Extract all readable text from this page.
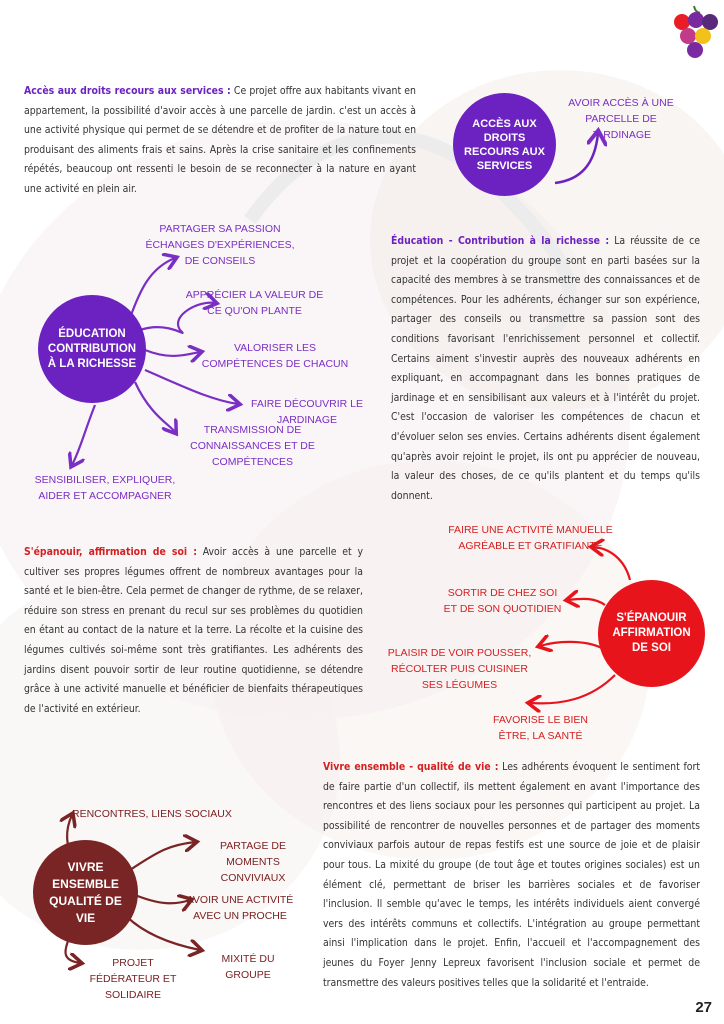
Accès aux droits recours aux services : Ce projet offre aux habitants vivant en appartement, la possibilité d'avoir accès à une parcelle de jardin. c'est un accès à une activité physique qui permet de se détendre et de profiter de la nature tout en produisant des aliments frais et sains. Après la crise sanitaire et les confinements répétés, beaucoup ont ressenti le besoin de se reconnecter à la nature en ayant une activité en plein air.
Éducation - Contribution à la richesse : La réussite de ce projet et la coopération du groupe sont en parti basées sur la capacité des membres à se transmettre des connaissances et de compétences. Pour les adhérents, échanger sur son expérience, partager des conseils ou transmettre sa passion sont des conditions favorisant l'enrichissement personnel et collectif. Certains aiment s'investir auprès des nouveaux adhérents en expliquant, en accompagnant dans les bonnes pratiques de jardinage et en sensibilisant aux valeurs et à l'intérêt du projet. C'est l'occasion de valoriser les compétences de chacun et d'évoluer selon ses envies. Certains adhérents disent également qu'après avoir rejoint le projet, ils ont pu apprécier de nouveau, la valeur des choses, de ce qu'ils plantent et du temps qu'ils donnent.
S'épanouir, affirmation de soi : Avoir accès à une parcelle et y cultiver ses propres légumes offrent de nombreux avantages pour la santé et le bien-être. Cela permet de changer de rythme, de se relaxer, réduire son stress en prenant du recul sur ses problèmes du quotidien en étant au contact de la nature et la terre. La récolte et la cuisine des légumes cultivés soi-même sont très gratifiantes. Les adhérents des jardins disent pouvoir sortir de leur routine quotidienne, se détendre grâce à une activité manuelle et bénéficier de bienfaits thérapeutiques de l'activité en extérieur.
Vivre ensemble - qualité de vie : Les adhérents évoquent le sentiment fort de faire partie d'un collectif, ils mettent également en avant l'importance des rencontres et des liens sociaux pour les personnes qui participent au projet. La possibilité de rencontrer de nouvelles personnes et de partager des moments conviviaux parfois autour de repas festifs est une source de joie et de plaisir pour tous. La mixité du groupe (de tout âge et toutes origines sociales) est un élément clé, permettant de briser les barrières sociales et de favoriser l'inclusion. Il semble qu'avec le temps, les intérêts individuels aient convergé vers des intérêts communs et collectifs. L'intégration au groupe permettant ainsi l'implication dans le projet. Enfin, l'accueil et l'accompagnement des jeunes du Foyer Jenny Lepreux favorisent l'inclusion sociale et permet de transmettre des valeurs positives telles que la solidarité et l'entraide.
ACCÈS AUX DROITS RECOURS AUX SERVICES
ÉDUCATION CONTRIBUTION À LA RICHESSE
S'ÉPANOUIR AFFIRMATION DE SOI
VIVRE ENSEMBLE QUALITÉ DE VIE
AVOIR ACCÈS À UNE PARCELLE DE JARDINAGE
PARTAGER SA PASSION ÉCHANGES D'EXPÉRIENCES, DE CONSEILS
APPRÉCIER LA VALEUR DE CE QU'ON PLANTE
VALORISER LES COMPÉTENCES DE CHACUN
FAIRE DÉCOUVRIR LE JARDINAGE
TRANSMISSION DE CONNAISSANCES ET DE COMPÉTENCES
SENSIBILISER, EXPLIQUER, AIDER ET ACCOMPAGNER
FAIRE UNE ACTIVITÉ MANUELLE AGRÉABLE ET GRATIFIANTE
SORTIR DE CHEZ SOI ET DE SON QUOTIDIEN
PLAISIR DE VOIR POUSSER, RÉCOLTER PUIS CUISINER SES LÉGUMES
FAVORISE LE BIEN ÊTRE, LA SANTÉ
RENCONTRES, LIENS SOCIAUX
PARTAGE DE MOMENTS CONVIVIAUX
AVOIR UNE ACTIVITÉ AVEC UN PROCHE
MIXITÉ DU GROUPE
PROJET FÉDÉRATEUR ET SOLIDAIRE
27
